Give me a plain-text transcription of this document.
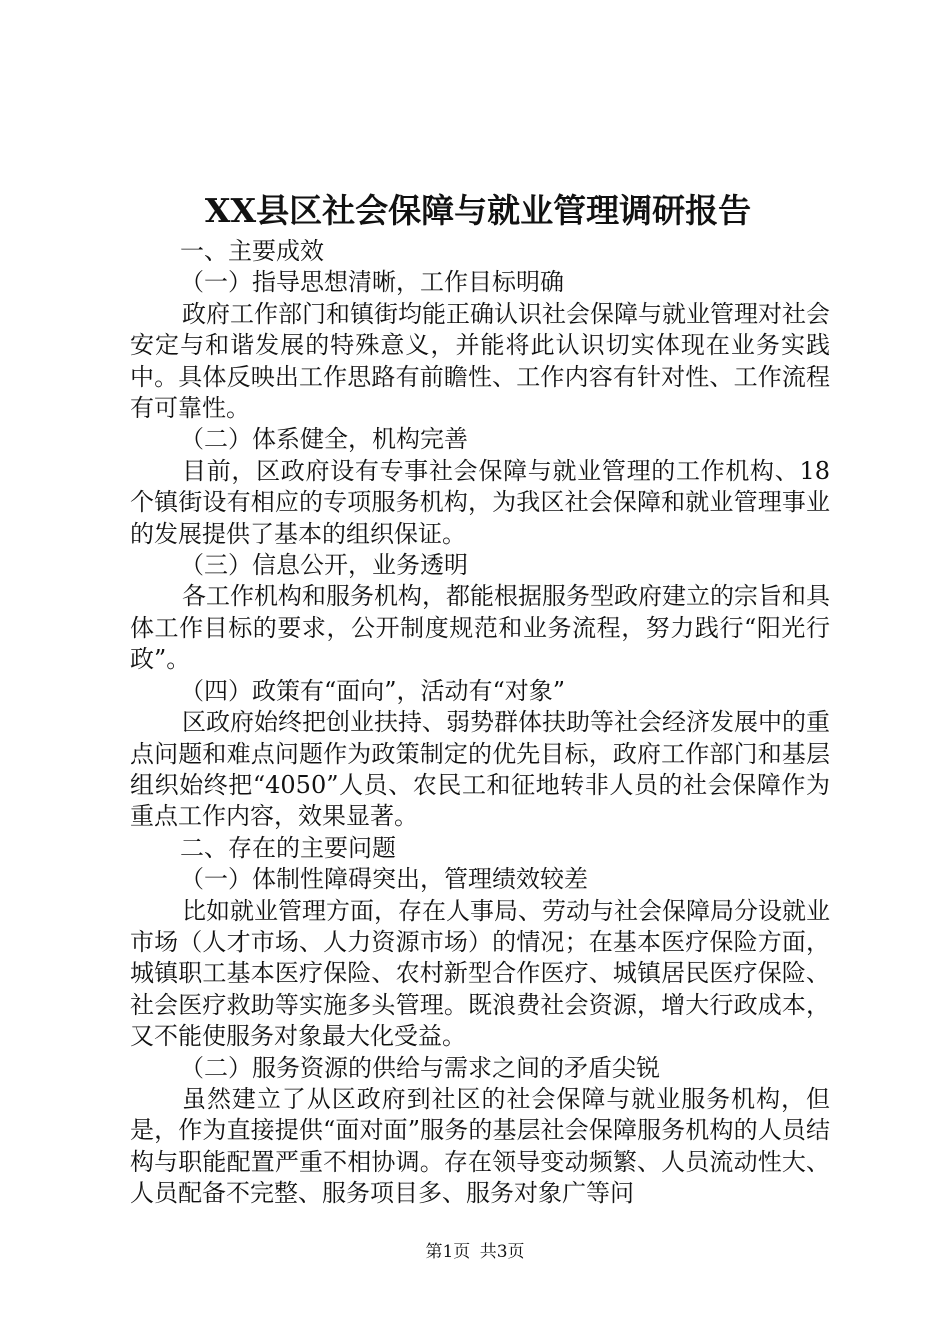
XX县区社会保障与就业管理调研报告
一、主要成效
（一）指导思想清晰，工作目标明确
政府工作部门和镇街均能正确认识社会保障与就业管理对社会安定与和谐发展的特殊意义，并能将此认识切实体现在业务实践中。具体反映出工作思路有前瞻性、工作内容有针对性、工作流程有可靠性。
（二）体系健全，机构完善
目前，区政府设有专事社会保障与就业管理的工作机构、18个镇街设有相应的专项服务机构，为我区社会保障和就业管理事业的发展提供了基本的组织保证。
（三）信息公开，业务透明
各工作机构和服务机构，都能根据服务型政府建立的宗旨和具体工作目标的要求，公开制度规范和业务流程，努力践行“阳光行政”。
（四）政策有“面向”，活动有“对象”
区政府始终把创业扶持、弱势群体扶助等社会经济发展中的重点问题和难点问题作为政策制定的优先目标，政府工作部门和基层组织始终把“4050”人员、农民工和征地转非人员的社会保障作为重点工作内容，效果显著。
二、存在的主要问题
（一）体制性障碍突出，管理绩效较差
比如就业管理方面，存在人事局、劳动与社会保障局分设就业市场（人才市场、人力资源市场）的情况；在基本医疗保险方面，城镇职工基本医疗保险、农村新型合作医疗、城镇居民医疗保险、社会医疗救助等实施多头管理。既浪费社会资源，增大行政成本，又不能使服务对象最大化受益。
（二）服务资源的供给与需求之间的矛盾尖锐
虽然建立了从区政府到社区的社会保障与就业服务机构，但是，作为直接提供“面对面”服务的基层社会保障服务机构的人员结构与职能配置严重不相协调。存在领导变动频繁、人员流动性大、人员配备不完整、服务项目多、服务对象广等问
第1页 共3页
